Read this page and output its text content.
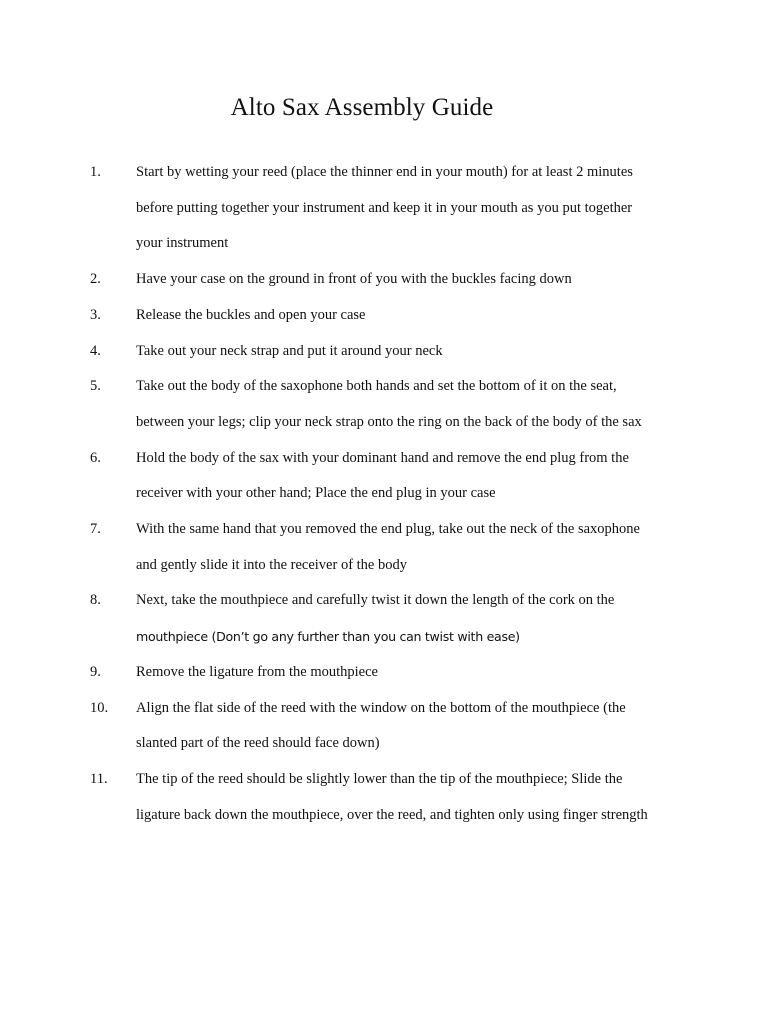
Alto Sax Assembly Guide
1. Start by wetting your reed (place the thinner end in your mouth) for at least 2 minutes
before putting together your instrument and keep it in your mouth as you put together
your instrument
2. Have your case on the ground in front of you with the buckles facing down
3. Release the buckles and open your case
4. Take out your neck strap and put it around your neck
5. Take out the body of the saxophone both hands and set the bottom of it on the seat,
between your legs; clip your neck strap onto the ring on the back of the body of the sax
6. Hold the body of the sax with your dominant hand and remove the end plug from the
receiver with your other hand; Place the end plug in your case
7. With the same hand that you removed the end plug, take out the neck of the saxophone
and gently slide it into the receiver of the body
8. Next, take the mouthpiece and carefully twist it down the length of the cork on the
mouthpiece (Don’t go any further than you can twist with ease)
9. Remove the ligature from the mouthpiece
10. Align the flat side of the reed with the window on the bottom of the mouthpiece (the
slanted part of the reed should face down)
11. The tip of the reed should be slightly lower than the tip of the mouthpiece; Slide the
ligature back down the mouthpiece, over the reed, and tighten only using finger strength
